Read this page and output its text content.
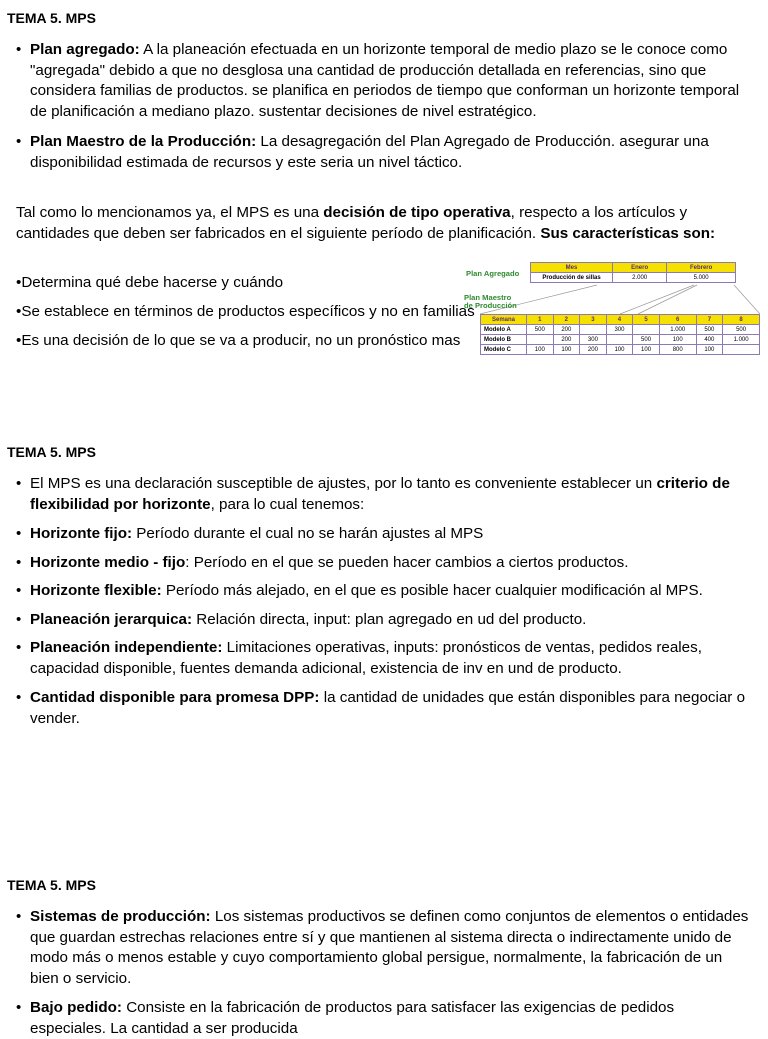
TEMA 5. MPS
• Plan agregado: A la planeación efectuada en un horizonte temporal de medio plazo se le conoce como "agregada" debido a que no desglosa una cantidad de producción detallada en referencias, sino que considera familias de productos. se planifica en periodos de tiempo que conforman un horizonte temporal de planificación a mediano plazo. sustentar decisiones de nivel estratégico.
• Plan Maestro de la Producción: La desagregación del Plan Agregado de Producción. asegurar una disponibilidad estimada de recursos y este seria un nivel táctico.
Tal como lo mencionamos ya, el MPS es una decisión de tipo operativa, respecto a los artículos y cantidades que deben ser fabricados en el siguiente período de planificación. Sus características son:
•Determina qué debe hacerse y cuándo
Plan Agregado
Plan Maestro
de Producción
Mes	Enero	Febrero
Producción de sillas	2.000	5.000
Semana	1	2	3	4	5	6	7	8
Modelo A	500	200		300		1.000	500	500
Modelo B		200	300		500	100	400	1.000
Modelo C	100	100	200	100	100	800	100	
•Se establece en términos de productos específicos y no en familias
•Es una decisión de lo que se va a producir, no un pronóstico mas
TEMA 5. MPS
• El MPS es una declaración susceptible de ajustes, por lo tanto es conveniente establecer un criterio de flexibilidad por horizonte, para lo cual tenemos:
• Horizonte fijo: Período durante el cual no se harán ajustes al MPS
• Horizonte medio - fijo: Período en el que se pueden hacer cambios a ciertos productos.
• Horizonte flexible: Período más alejado, en el que es posible hacer cualquier modificación al MPS.
• Planeación jerarquica: Relación directa, input: plan agregado en ud del producto.
• Planeación independiente: Limitaciones operativas, inputs: pronósticos de ventas, pedidos reales, capacidad disponible, fuentes demanda adicional, existencia de inv en und de producto.
• Cantidad disponible para promesa DPP: la cantidad de unidades que están disponibles para negociar o vender.
TEMA 5. MPS
• Sistemas de producción: Los sistemas productivos se definen como conjuntos de elementos o entidades que guardan estrechas relaciones entre sí y que mantienen al sistema directa o indirectamente unido de modo más o menos estable y cuyo comportamiento global persigue, normalmente, la fabricación de un bien o servicio.
• Bajo pedido: Consiste en la fabricación de productos para satisfacer las exigencias de pedidos especiales. La cantidad a ser producida
